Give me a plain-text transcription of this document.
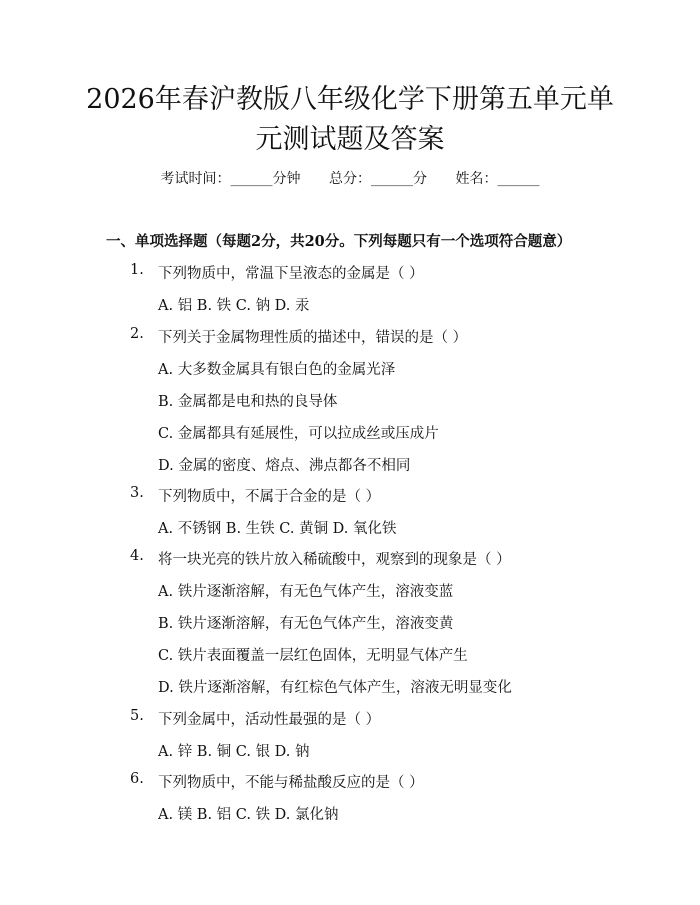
2026年春沪教版八年级化学下册第五单元单
元测试题及答案
考试时间：______分钟 总分：______分 姓名：______
一、单项选择题（每题2分，共20分。下列每题只有一个选项符合题意）
1. 下列物质中，常温下呈液态的金属是（ ）
A. 铝 B. 铁 C. 钠 D. 汞
2. 下列关于金属物理性质的描述中，错误的是（ ）
A. 大多数金属具有银白色的金属光泽
B. 金属都是电和热的良导体
C. 金属都具有延展性，可以拉成丝或压成片
D. 金属的密度、熔点、沸点都各不相同
3. 下列物质中，不属于合金的是（ ）
A. 不锈钢 B. 生铁 C. 黄铜 D. 氧化铁
4. 将一块光亮的铁片放入稀硫酸中，观察到的现象是（ ）
A. 铁片逐渐溶解，有无色气体产生，溶液变蓝
B. 铁片逐渐溶解，有无色气体产生，溶液变黄
C. 铁片表面覆盖一层红色固体，无明显气体产生
D. 铁片逐渐溶解，有红棕色气体产生，溶液无明显变化
5. 下列金属中，活动性最强的是（ ）
A. 锌 B. 铜 C. 银 D. 钠
6. 下列物质中，不能与稀盐酸反应的是（ ）
A. 镁 B. 铝 C. 铁 D. 氯化钠
